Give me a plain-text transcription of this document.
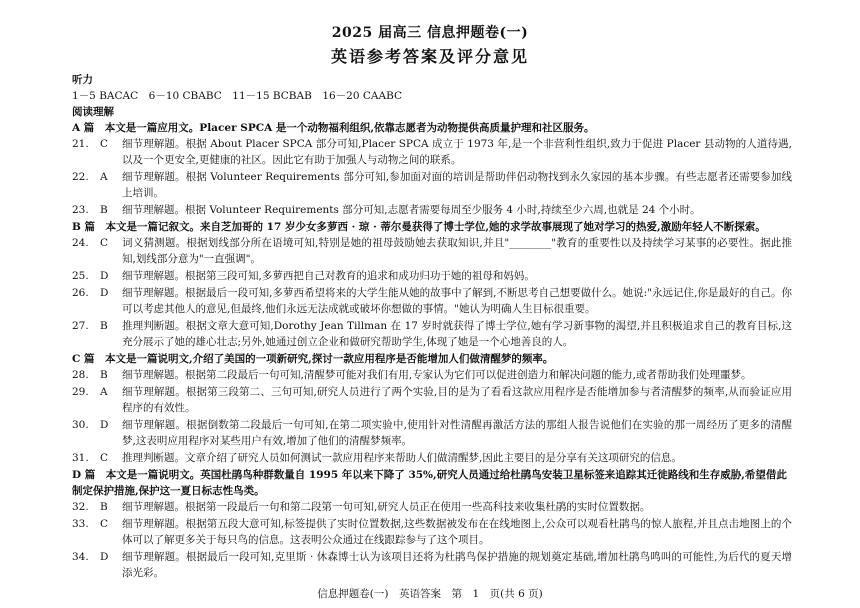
2025 届高三 信息押题卷(一)
英语参考答案及评分意见
听力
1－5 BACAC　6－10 CBABC　11－15 BCBAB　16－20 CAABC
阅读理解
A 篇　本文是一篇应用文。Placer SPCA 是一个动物福利组织,依靠志愿者为动物提供高质量护理和社区服务。
21.	C	细节理解题。根据 About Placer SPCA 部分可知,Placer SPCA 成立于 1973 年,是一个非营利性组织,致力于促进 Placer 县动物的人道待遇,以及一个更安全,更健康的社区。因此它有助于加强人与动物之间的联系。
22.	A	细节理解题。根据 Volunteer Requirements 部分可知,参加面对面的培训是帮助伴侣动物找到永久家园的基本步骤。有些志愿者还需要参加线上培训。
23.	B	细节理解题。根据 Volunteer Requirements 部分可知,志愿者需要每周至少服务 4 小时,持续至少六周,也就是 24 个小时。
B 篇　本文是一篇记叙文。来自芝加哥的 17 岁少女多萝西 · 琼 · 蒂尔曼获得了博士学位,她的求学故事展现了她对学习的热爱,激励年轻人不断探索。
24.	C	词义猜测题。根据划线部分所在语境可知,特别是她的祖母鼓励她去获取知识,并且"________"教育的重要性以及持续学习某事的必要性。据此推知,划线部分意为"一直强调"。
25.	D	细节理解题。根据第三段可知,多萝西把自己对教育的追求和成功归功于她的祖母和妈妈。
26.	D	细节理解题。根据最后一段可知,多萝西希望将来的大学生能从她的故事中了解到,不断思考自己想要做什么。她说:"永远记住,你是最好的自己。你可以考虑其他人的意见,但最终,他们永远无法成就或破坏你想做的事情。"她认为明确人生目标很重要。
27.	B	推理判断题。根据文章大意可知,Dorothy Jean Tillman 在 17 岁时就获得了博士学位,她有学习新事物的渴望,并且积极追求自己的教育目标,这充分展示了她的雄心壮志;另外,她通过创立企业和做研究帮助学生,体现了她是一个心地善良的人。
C 篇　本文是一篇说明文,介绍了美国的一项新研究,探讨一款应用程序是否能增加人们做清醒梦的频率。
28.	B	细节理解题。根据第二段最后一句可知,清醒梦可能对我们有用,专家认为它们可以促进创造力和解决问题的能力,或者帮助我们处理噩梦。
29.	A	细节理解题。根据第三段第二、三句可知,研究人员进行了两个实验,目的是为了看看这款应用程序是否能增加参与者清醒梦的频率,从而验证应用程序的有效性。
30.	D	细节理解题。根据倒数第二段最后一句可知,在第二项实验中,使用针对性清醒再激活方法的那组人报告说他们在实验的那一周经历了更多的清醒梦,这表明应用程序对某些用户有效,增加了他们的清醒梦频率。
31.	C	推理判断题。文章介绍了研究人员如何测试一款应用程序来帮助人们做清醒梦,因此主要目的是分享有关这项研究的信息。
D 篇　本文是一篇说明文。英国杜鹃鸟种群数量自 1995 年以来下降了 35%,研究人员通过给杜鹃鸟安装卫星标签来追踪其迁徙路线和生存威胁,希望借此制定保护措施,保护这一夏日标志性鸟类。
32.	B	细节理解题。根据第一段最后一句和第二段第一句可知,研究人员正在使用一些高科技来收集杜鹃的实时位置数据。
33.	C	细节理解题。根据第五段大意可知,标签提供了实时位置数据,这些数据被发布在在线地图上,公众可以观看杜鹃鸟的惊人旅程,并且点击地图上的个体可以了解更多关于每只鸟的信息。这表明公众通过在线跟踪参与了这个项目。
34.	D	细节理解题。根据最后一段可知,克里斯 · 休森博士认为该项目还将为杜鹃鸟保护措施的规划奠定基础,增加杜鹃鸟鸣叫的可能性,为后代的夏天增添光彩。
信息押题卷(一)　英语答案　第　1　页(共 6 页)
